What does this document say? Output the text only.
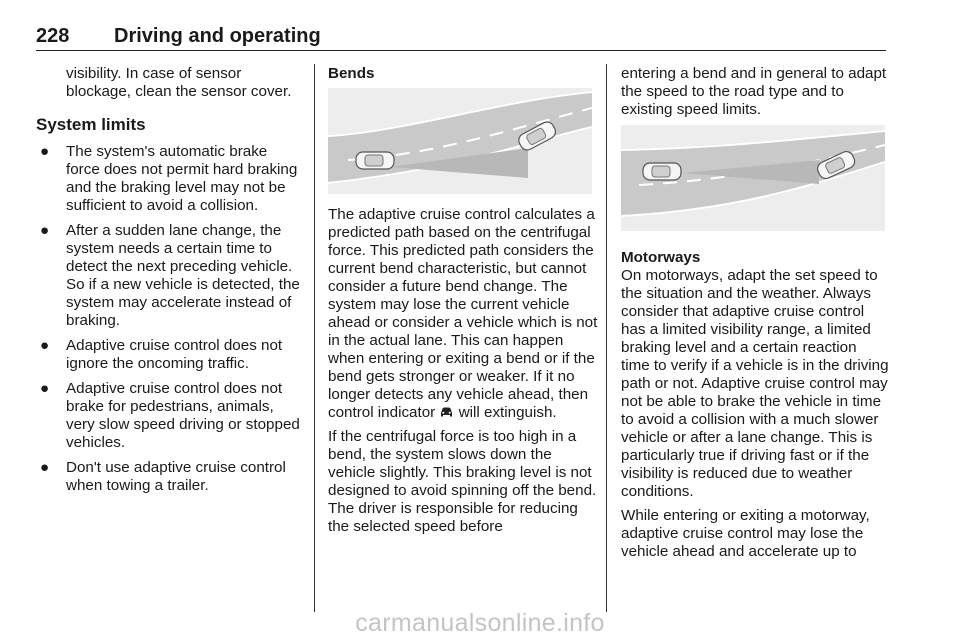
228 Driving and operating

visibility. In case of sensor blockage, clean the sensor cover.

System limits
● The system's automatic brake force does not permit hard braking and the braking level may not be sufficient to avoid a collision.
● After a sudden lane change, the system needs a certain time to detect the next preceding vehicle. So if a new vehicle is detected, the system may accelerate instead of braking.
● Adaptive cruise control does not ignore the oncoming traffic.
● Adaptive cruise control does not brake for pedestrians, animals, very slow speed driving or stopped vehicles.
● Don't use adaptive cruise control when towing a trailer.
Bends

The adaptive cruise control calculates a predicted path based on the centrifugal force. This predicted path considers the current bend characteristic, but cannot consider a future bend change. The system may lose the current vehicle ahead or consider a vehicle which is not in the actual lane. This can happen when entering or exiting a bend or if the bend gets stronger or weaker. If it no longer detects any vehicle ahead, then control indicator will extinguish.

If the centrifugal force is too high in a bend, the system slows down the vehicle slightly. This braking level is not designed to avoid spinning off the bend. The driver is responsible for reducing the selected speed before

entering a bend and in general to adapt the speed to the road type and to existing speed limits.

Motorways

On motorways, adapt the set speed to the situation and the weather. Always consider that adaptive cruise control has a limited visibility range, a limited braking level and a certain reaction time to verify if a vehicle is in the driving path or not. Adaptive cruise control may not be able to brake the vehicle in time to avoid a collision with a much slower vehicle or after a lane change. This is particularly true if driving fast or if the visibility is reduced due to weather conditions.

While entering or exiting a motorway, adaptive cruise control may lose the vehicle ahead and accelerate up to

carmanualsonline.info
